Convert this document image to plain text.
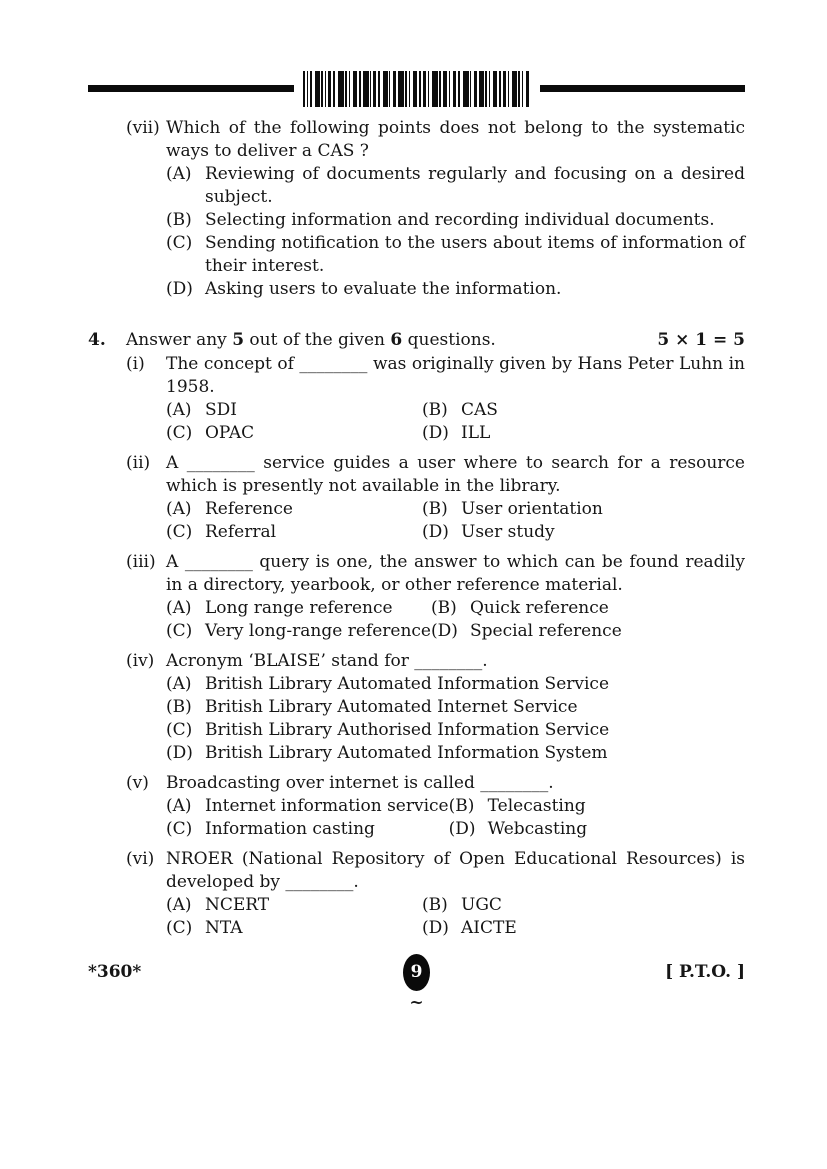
(vii) Which of the following points does not belong to the systematic ways to deliver a CAS ?

(A) Reviewing of documents regularly and focusing on a desired subject.
(B) Selecting information and recording individual documents.
(C) Sending notification to the users about items of information of their interest.
(D) Asking users to evaluate the information.
4.	Answer any 5 out of the given 6 questions.	5 × 1 = 5
(i)	The concept of ________ was originally given by Hans Peter Luhn in 1958.

(A) SDI	(B) CAS
(C) OPAC	(D) ILL
(ii) A ________ service guides a user where to search for a resource which is presently not available in the library.

(A) Reference	(B) User orientation
(C) Referral	(D) User study
(iii) A ________ query is one, the answer to which can be found readily in a directory, yearbook, or other reference material.

(A) Long range reference (B) Quick reference
(C) Very long-range reference (D) Special reference
(iv) Acronym ‘BLAISE’ stand for ________.

(A) British Library Automated Information Service
(B) British Library Automated Internet Service
(C) British Library Authorised Information Service
(D) British Library Automated Information System
(v)	Broadcasting over internet is called ________.

(A) Internet information service (B) Telecasting
(C) Information casting	(D) Webcasting
(vi) NROER (National Repository of Open Educational Resources) is developed by ________.

(A) NCERT	(B) UGC
(C) NTA	(D) AICTE
*360*	9
~
[ P.T.O. ]
